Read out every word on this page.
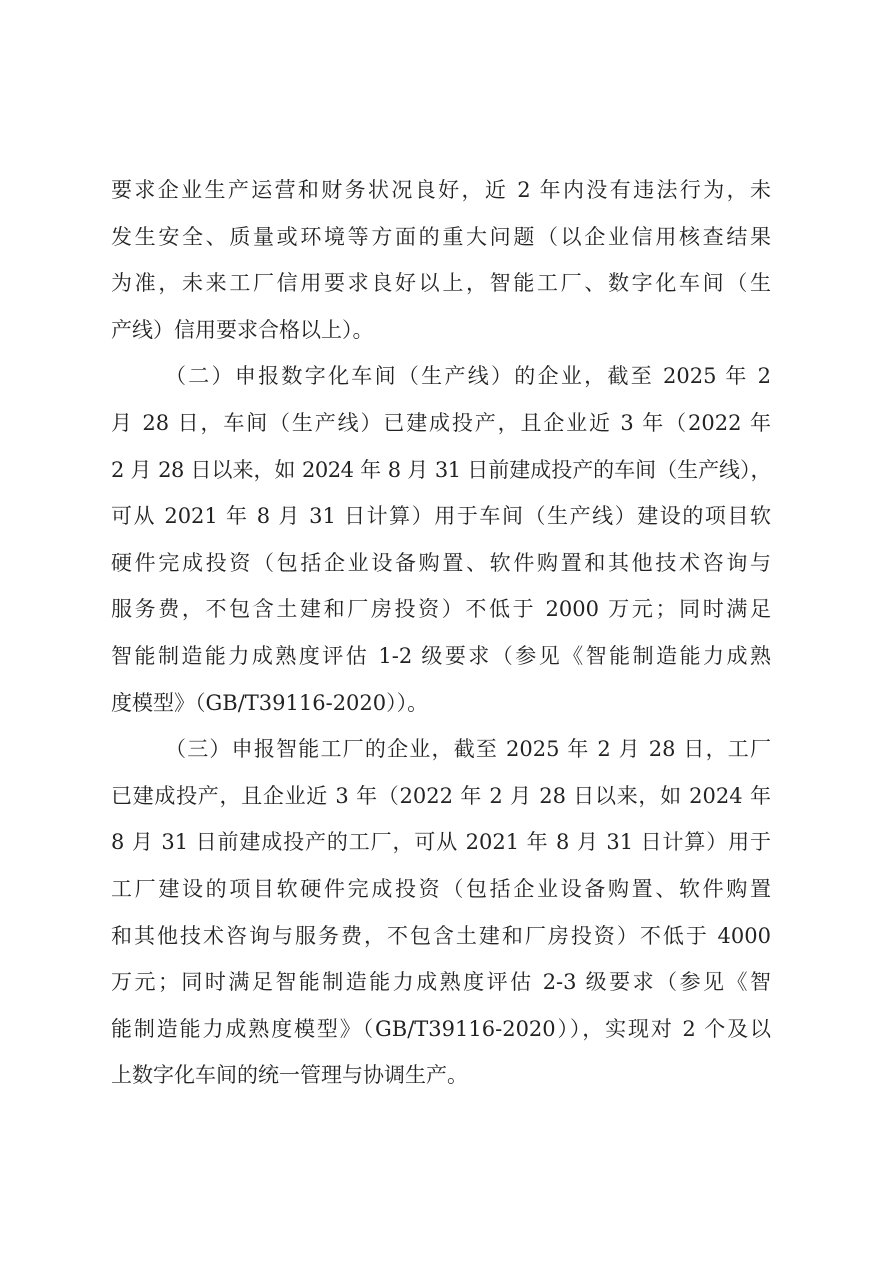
要求企业生产运营和财务状况良好，近 2 年内没有违法行为，未
发生安全、质量或环境等方面的重大问题（以企业信用核查结果
为准，未来工厂信用要求良好以上，智能工厂、数字化车间（生
产线）信用要求合格以上）。
（二）申报数字化车间（生产线）的企业，截至 2025 年 2
月 28 日，车间（生产线）已建成投产，且企业近 3 年（2022 年
2 月 28 日以来，如 2024 年 8 月 31 日前建成投产的车间（生产线），
可从 2021 年 8 月 31 日计算）用于车间（生产线）建设的项目软
硬件完成投资（包括企业设备购置、软件购置和其他技术咨询与
服务费，不包含土建和厂房投资）不低于 2000 万元；同时满足
智能制造能力成熟度评估 1-2 级要求（参见《智能制造能力成熟
度模型》（GB/T39116-2020））。
（三）申报智能工厂的企业，截至 2025 年 2 月 28 日，工厂
已建成投产，且企业近 3 年（2022 年 2 月 28 日以来，如 2024 年
8 月 31 日前建成投产的工厂，可从 2021 年 8 月 31 日计算）用于
工厂建设的项目软硬件完成投资（包括企业设备购置、软件购置
和其他技术咨询与服务费，不包含土建和厂房投资）不低于 4000
万元；同时满足智能制造能力成熟度评估 2-3 级要求（参见《智
能制造能力成熟度模型》（GB/T39116-2020）），实现对 2 个及以
上数字化车间的统一管理与协调生产。
